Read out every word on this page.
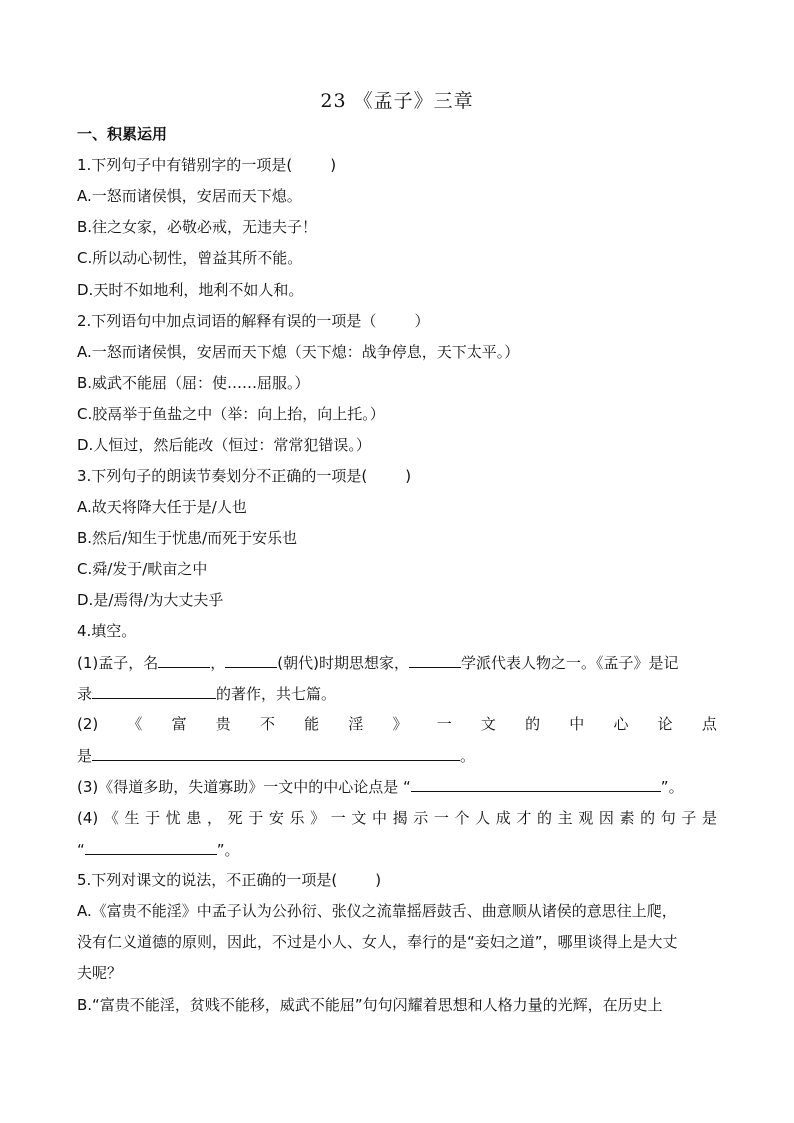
23 《孟子》三章
一、积累运用
1.下列句子中有错别字的一项是(        )
A.一怒而诸侯惧，安居而天下熄。
B.往之女家，必敬必戒，无违夫子！
C.所以动心韧性，曾益其所不能。
D.天时不如地利，地利不如人和。
2.下列语句中加点词语的解释有误的一项是（        ）
A.一怒而诸侯惧，安居而天下熄（天下熄：战争停息，天下太平。）
B.威武不能屈（屈：使……屈服。）
C.胶鬲举于鱼盐之中（举：向上抬，向上托。）
D.人恒过，然后能改（恒过：常常犯错误。）
3.下列句子的朗读节奏划分不正确的一项是(        )
A.故天将降大任于是/人也
B.然后/知生于忧患/而死于安乐也
C.舜/发于/畎亩之中
D.是/焉得/为大丈夫乎
4.填空。
(1)孟子，名	，	(朝代)时期思想家，	学派代表人物之一。《孟子》是记
录	的著作，共七篇。
(2) 《 富 贵 不 能 淫 》 一 文 的 中 心 论 点
是	。
(3)《得道多助，失道寡助》一文中的中心论点是 “	”。
(4) 《 生 于 忧 患 ， 死 于 安 乐 》 一 文 中 揭 示 一 个 人 成 才 的 主 观 因 素 的 句 子 是
“	”。
5.下列对课文的说法，不正确的一项是(        )
A.《富贵不能淫》中孟子认为公孙衍、张仪之流靠摇唇鼓舌、曲意顺从诸侯的意思往上爬，
没有仁义道德的原则，因此，不过是小人、女人，奉行的是“妾妇之道”，哪里谈得上是大丈
夫呢？
B.“富贵不能淫，贫贱不能移，威武不能屈”句句闪耀着思想和人格力量的光辉，在历史上
